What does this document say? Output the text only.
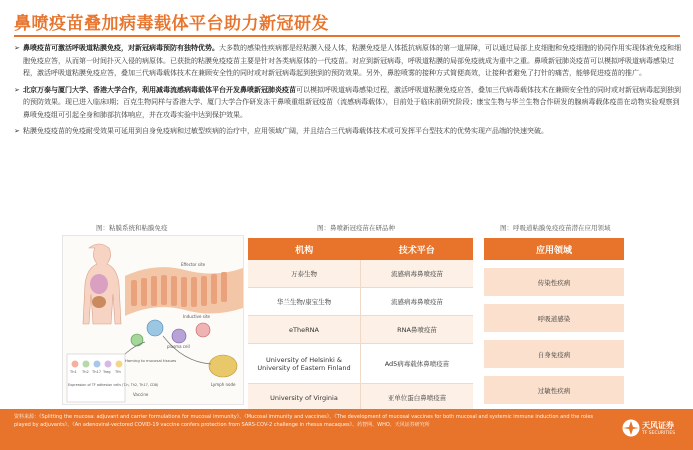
鼻喷疫苗叠加病毒载体平台助力新冠研发
➢ 鼻喷疫苗可激活呼吸道粘膜免疫，对新冠病毒预防有独特优势。大多数的感染性疾病都是经粘膜入侵人体，粘膜免疫是人体抵抗病原体的第一道屏障，可以通过局部上皮细胞和免疫细胞的协同作用实现体液免疫和细胞免疫应答，从而第一时间扑灭入侵的病原体。已获批的粘膜免疫疫苗主要是针对各类病原体的一代疫苗。对应到新冠病毒，呼吸道粘膜的局部免疫就成为重中之重。鼻喷新冠肺炎疫苗可以模拟呼吸道病毒感染过程，激活呼吸道粘膜免疫应答，叠加三代病毒载体技术在兼顾安全性的同时或对新冠病毒起到独到的预防效果。另外，鼻腔喷雾的接种方式简便高效，让接种者避免了打针的痛苦，能够促进疫苗的推广。
➢ 北京万泰与厦门大学、香港大学合作，利用减毒流感病毒载体平台开发鼻喷新冠肺炎疫苗可以模拟呼吸道病毒感染过程，激活呼吸道粘膜免疫应答，叠加三代病毒载体技术在兼顾安全性的同时或对新冠病毒起到独到的预防效果。现已进入临床Ⅰ期；百克生物同样与香港大学、厦门大学合作研发冻干鼻喷重组新冠疫苗（流感病毒载体），目前处于临床前研究阶段；康宝生物与华兰生物合作研发的腺病毒载体疫苗在动物实验观察到鼻喷免疫组可引起全身和肺部抗体响应，并在攻毒实验中达到保护效果。
➢ 粘膜免疫疫苗的免疫耐受效果可延用到自身免疫病和过敏型疾病的治疗中，应用领域广阔，并且结合三代病毒载体技术或可发挥平台型技术的优势实现产品端的快速突破。
图：粘膜系统和粘膜免疫	图：鼻喷新冠疫苗在研品种	图：呼吸道粘膜免疫疫苗潜在应用领域
Th1 Th2 Th17 Treg Tfh
Lymph node
plasma cell
Homing to mucosal tissues
Vaccine
Effector site
Inductive site
Expression of TF adhesion cells (T-h, Th2, Th17, CD8)
机构	技术平台
万泰生物	流感病毒鼻喷疫苗
华兰生物/康宝生物	流感病毒鼻喷疫苗
eTheRNA	RNA鼻喷疫苗
University of Helsinki & University of Eastern Finland	Ad5病毒载体鼻喷疫苗
University of Virginia	亚单位蛋白鼻喷疫苗
应用领域
传染性疾病
呼吸道感染
自身免疫病
过敏性疾病
资料来源：《Splitting the mucosa: adjuvant and carrier formulations for mucosal immunity》、《Mucosal immunity and vaccines》、《The development of mucosal vaccines for both mucosal and systemic immune induction and the roles played by adjuvants》、《An adenoviral-vectored COVID-19 vaccine confers protection from SARS-COV-2 challenge in rhesus macaques》、药智网、WHO、天风证券研究所	天风证券
TF SECURITIES
